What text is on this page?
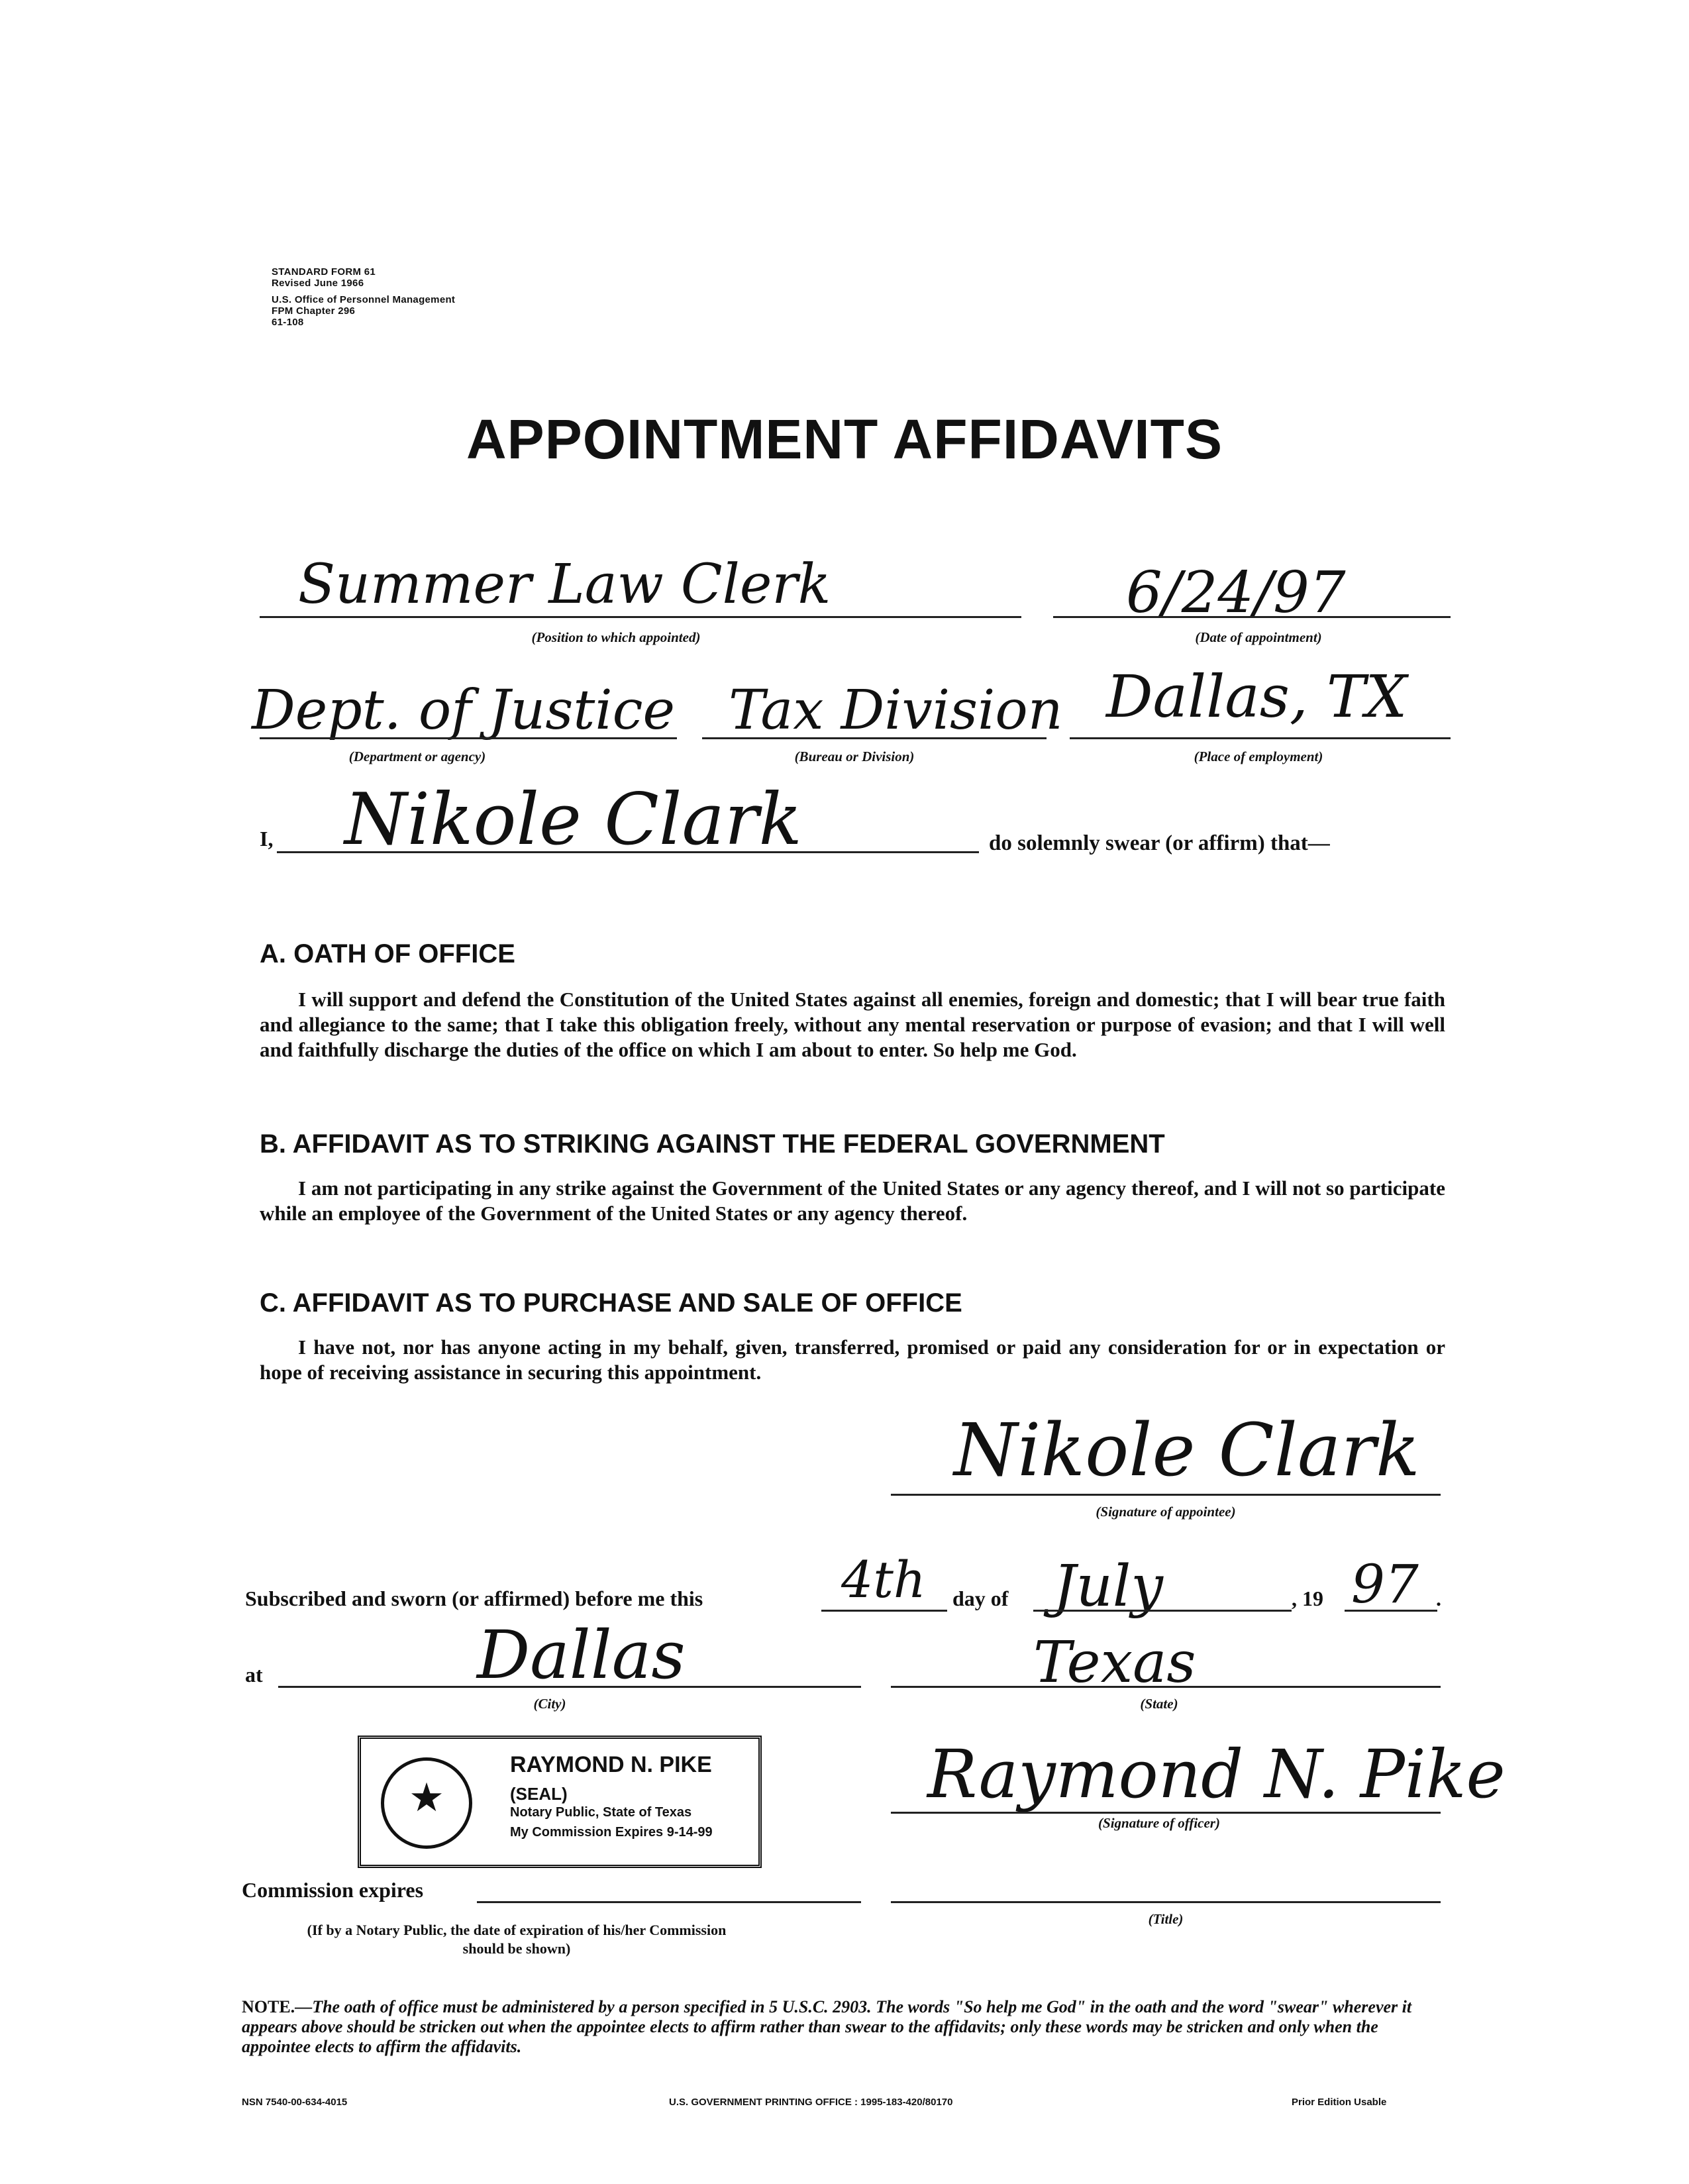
STANDARD FORM 61
Revised June 1966
U.S. Office of Personnel Management
FPM Chapter 296
61-108
APPOINTMENT AFFIDAVITS
Summer Law Clerk
(Position to which appointed)
6/24/97
(Date of appointment)
Dept. of Justice
(Department or agency)
Tax Division
(Bureau or Division)
Dallas, TX
(Place of employment)
I, Nikole Clark	do solemnly swear (or affirm) that—
A. OATH OF OFFICE
I will support and defend the Constitution of the United States against all enemies, foreign and domestic; that I will bear true faith and allegiance to the same; that I take this obligation freely, without any mental reservation or purpose of evasion; and that I will well and faithfully discharge the duties of the office on which I am about to enter. So help me God.
B. AFFIDAVIT AS TO STRIKING AGAINST THE FEDERAL GOVERNMENT
I am not participating in any strike against the Government of the United States or any agency thereof, and I will not so participate while an employee of the Government of the United States or any agency thereof.
C. AFFIDAVIT AS TO PURCHASE AND SALE OF OFFICE
I have not, nor has anyone acting in my behalf, given, transferred, promised or paid any consideration for or in expectation or hope of receiving assistance in securing this appointment.
Nikole Clark
(Signature of appointee)
Subscribed and sworn (or affirmed) before me this	4th day of July	, 19 97 .
at	Dallas
(City)
Texas
(State)
★
RAYMOND N. PIKE
(SEAL)
Notary Public, State of Texas
My Commission Expires 9-14-99
Raymond N. Pike
(Signature of officer)
Commission expires
(Title)
(If by a Notary Public, the date of expiration of his/her Commission should be shown)
NOTE.—The oath of office must be administered by a person specified in 5 U.S.C. 2903. The words "So help me God" in the oath and the word "swear" wherever it appears above should be stricken out when the appointee elects to affirm rather than swear to the affidavits; only these words may be stricken and only when the appointee elects to affirm the affidavits.
NSN 7540-00-634-4015	U.S. GOVERNMENT PRINTING OFFICE : 1995-183-420/80170	Prior Edition Usable
